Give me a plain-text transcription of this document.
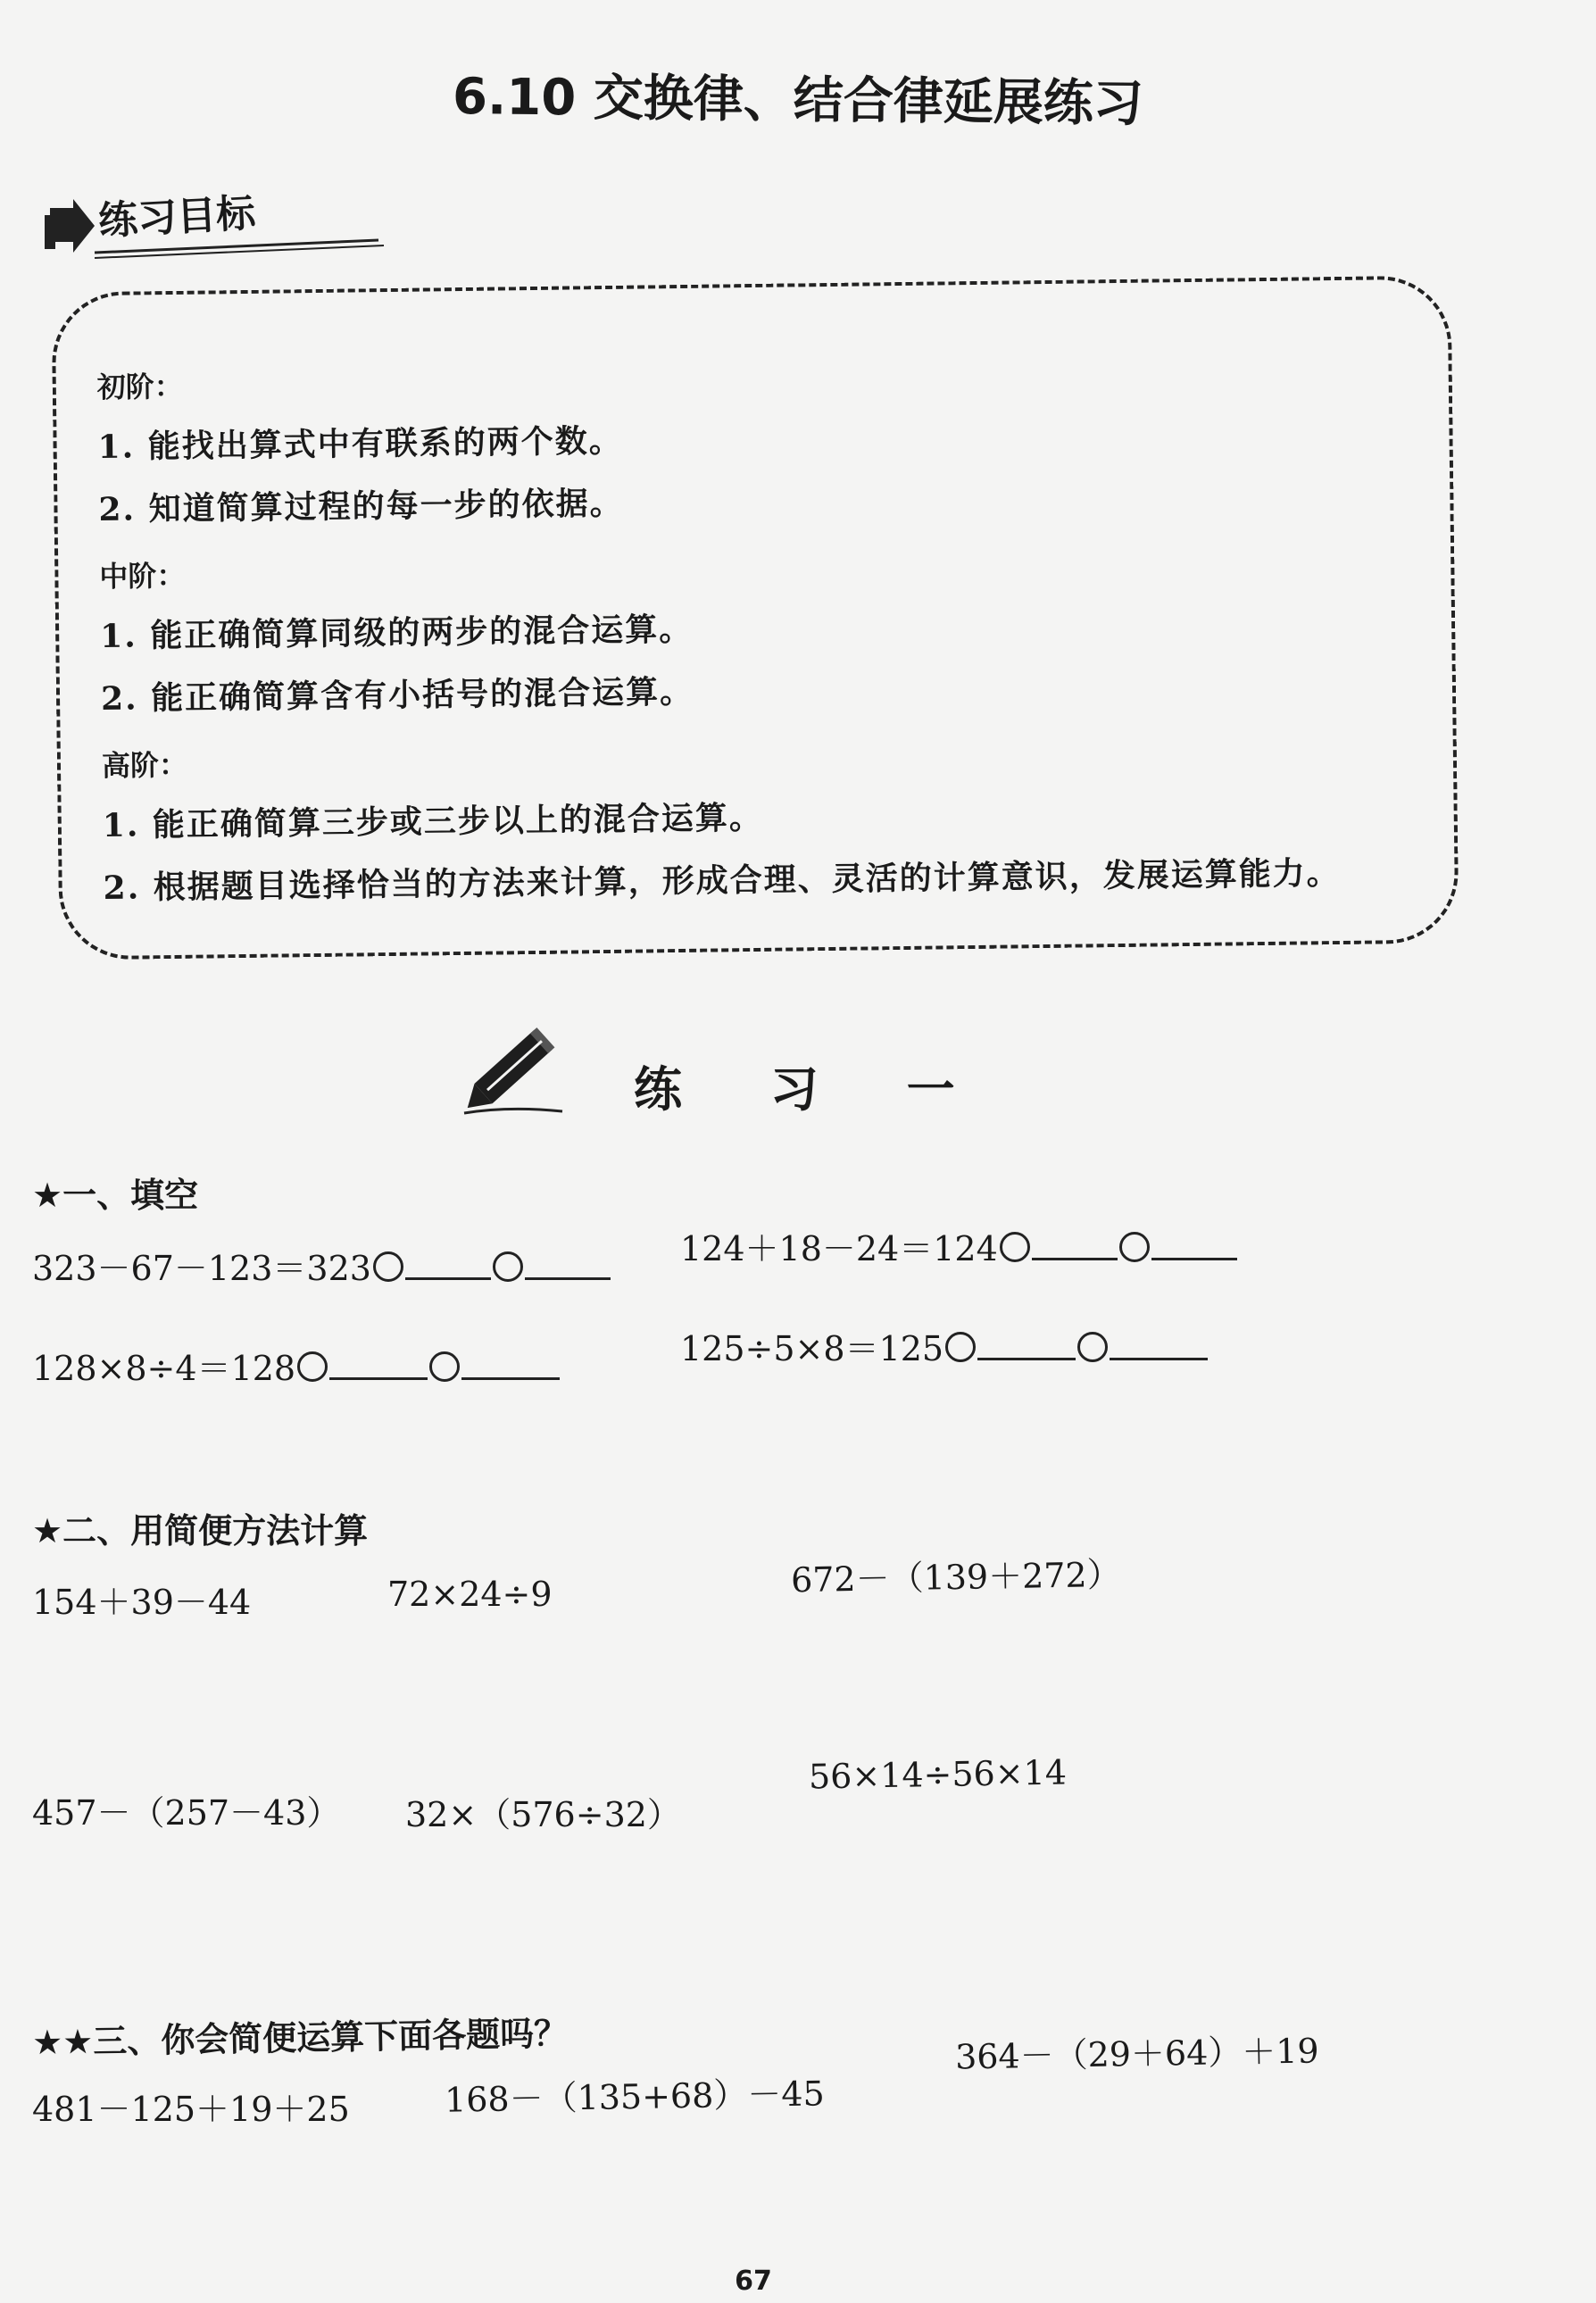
6.10 交换律、结合律延展练习
练习目标
初阶：
1. 能找出算式中有联系的两个数。
2. 知道简算过程的每一步的依据。
中阶：
1. 能正确简算同级的两步的混合运算。
2. 能正确简算含有小括号的混合运算。
高阶：
1. 能正确简算三步或三步以上的混合运算。
2. 根据题目选择恰当的方法来计算，形成合理、灵活的计算意识，发展运算能力。
练 习 一
★一、填空
323－67－123＝323	124＋18－24＝124
128×8÷4＝128	125÷5×8＝125
★二、用简便方法计算
154＋39－44	72×24÷9	672－（139＋272）
457－（257－43） 32×（576÷32）
56×14÷56×14
★★三、你会简便运算下面各题吗？
481－125＋19＋25	168－（135+68）－45
364－（29＋64）＋19
67
